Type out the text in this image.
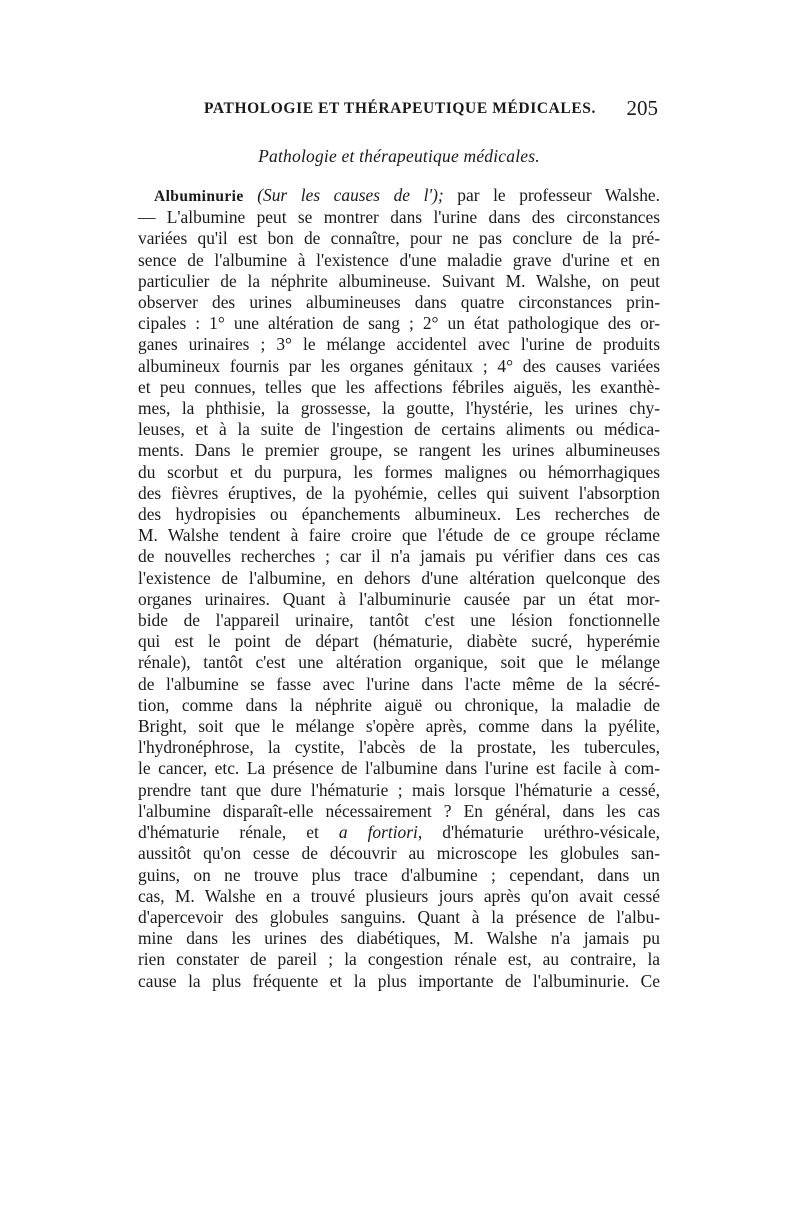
PATHOLOGIE ET THÉRAPEUTIQUE MÉDICALES. 205
Pathologie et thérapeutique médicales.
Albuminurie (Sur les causes de l'); par le professeur Walshe.
— L'albumine peut se montrer dans l'urine dans des circonstances
variées qu'il est bon de connaître, pour ne pas conclure de la pré-
sence de l'albumine à l'existence d'une maladie grave d'urine et en
particulier de la néphrite albumineuse. Suivant M. Walshe, on peut
observer des urines albumineuses dans quatre circonstances prin-
cipales : 1° une altération de sang ; 2° un état pathologique des or-
ganes urinaires ; 3° le mélange accidentel avec l'urine de produits
albumineux fournis par les organes génitaux ; 4° des causes variées
et peu connues, telles que les affections fébriles aiguës, les exanthè-
mes, la phthisie, la grossesse, la goutte, l'hystérie, les urines chy-
leuses, et à la suite de l'ingestion de certains aliments ou médica-
ments. Dans le premier groupe, se rangent les urines albumineuses
du scorbut et du purpura, les formes malignes ou hémorrhagiques
des fièvres éruptives, de la pyohémie, celles qui suivent l'absorption
des hydropisies ou épanchements albumineux. Les recherches de
M. Walshe tendent à faire croire que l'étude de ce groupe réclame
de nouvelles recherches ; car il n'a jamais pu vérifier dans ces cas
l'existence de l'albumine, en dehors d'une altération quelconque des
organes urinaires. Quant à l'albuminurie causée par un état mor-
bide de l'appareil urinaire, tantôt c'est une lésion fonctionnelle
qui est le point de départ (hématurie, diabète sucré, hyperémie
rénale), tantôt c'est une altération organique, soit que le mélange
de l'albumine se fasse avec l'urine dans l'acte même de la sécré-
tion, comme dans la néphrite aiguë ou chronique, la maladie de
Bright, soit que le mélange s'opère après, comme dans la pyélite,
l'hydronéphrose, la cystite, l'abcès de la prostate, les tubercules,
le cancer, etc. La présence de l'albumine dans l'urine est facile à com-
prendre tant que dure l'hématurie ; mais lorsque l'hématurie a cessé,
l'albumine disparaît-elle nécessairement ? En général, dans les cas
d'hématurie rénale, et a fortiori, d'hématurie uréthro-vésicale,
aussitôt qu'on cesse de découvrir au microscope les globules san-
guins, on ne trouve plus trace d'albumine ; cependant, dans un
cas, M. Walshe en a trouvé plusieurs jours après qu'on avait cessé
d'apercevoir des globules sanguins. Quant à la présence de l'albu-
mine dans les urines des diabétiques, M. Walshe n'a jamais pu
rien constater de pareil ; la congestion rénale est, au contraire, la
cause la plus fréquente et la plus importante de l'albuminurie. Ce
